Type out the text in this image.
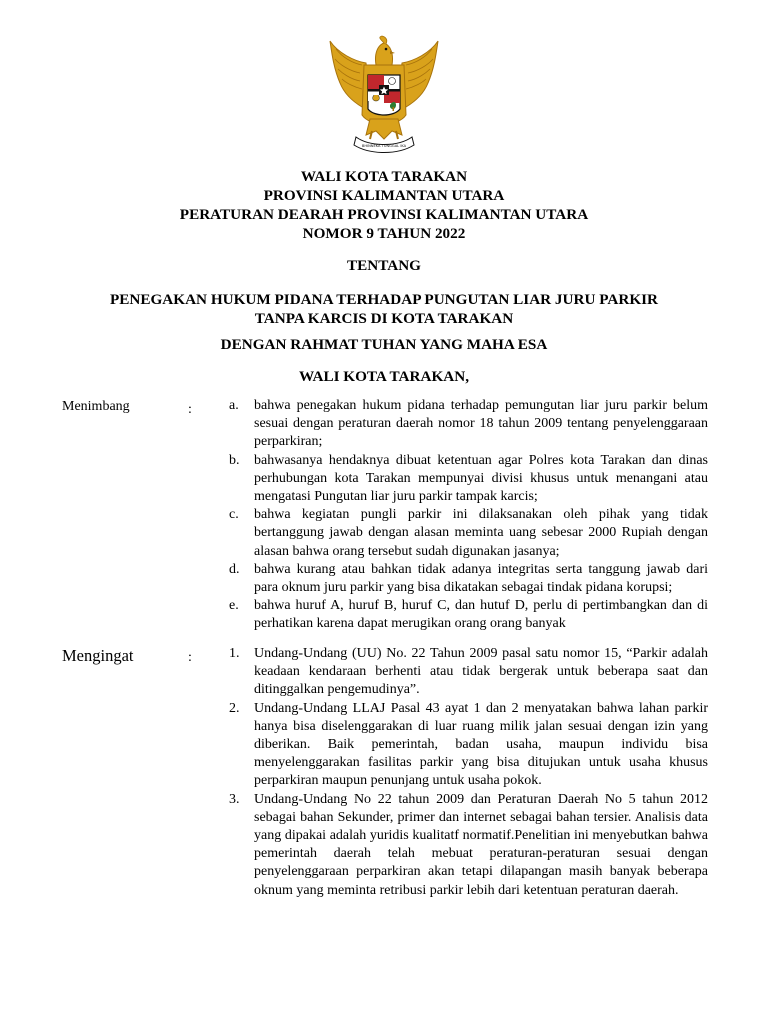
BHINNEKA TUNGGAL IKA
WALI KOTA TARAKAN
PROVINSI KALIMANTAN UTARA
PERATURAN DEARAH PROVINSI KALIMANTAN UTARA
NOMOR 9 TAHUN 2022
TENTANG
PENEGAKAN HUKUM PIDANA TERHADAP PUNGUTAN LIAR JURU PARKIR
TANPA KARCIS DI KOTA TARAKAN
DENGAN RAHMAT TUHAN YANG MAHA ESA
WALI KOTA TARAKAN,
Menimbang	:	a. bahwa penegakan hukum pidana terhadap pemungutan liar juru parkir belum sesuai dengan peraturan daerah nomor 18 tahun 2009 tentang penyelenggaraan perparkiran;
b. bahwasanya hendaknya dibuat ketentuan agar Polres kota Tarakan dan dinas perhubungan kota Tarakan mempunyai divisi khusus untuk menangani atau mengatasi Pungutan liar juru parkir tampak karcis;
c. bahwa kegiatan pungli parkir ini dilaksanakan oleh pihak yang tidak bertanggung jawab dengan alasan meminta uang sebesar 2000 Rupiah dengan alasan bahwa orang tersebut sudah digunakan jasanya;
d. bahwa kurang atau bahkan tidak adanya integritas serta tanggung jawab dari para oknum juru parkir yang bisa dikatakan sebagai tindak pidana korupsi;
e. bahwa huruf A, huruf B, huruf C, dan hutuf D, perlu di pertimbangkan dan di perhatikan karena dapat merugikan orang orang banyak
Mengingat	:	1. Undang-Undang (UU) No. 22 Tahun 2009 pasal satu nomor 15, “Parkir adalah keadaan kendaraan berhenti atau tidak bergerak untuk beberapa saat dan ditinggalkan pengemudinya”.
2. Undang-Undang LLAJ Pasal 43 ayat 1 dan 2 menyatakan bahwa lahan parkir hanya bisa diselenggarakan di luar ruang milik jalan sesuai dengan izin yang diberikan. Baik pemerintah, badan usaha, maupun individu bisa menyelenggarakan fasilitas parkir yang bisa ditujukan untuk usaha khusus perparkiran maupun penunjang untuk usaha pokok.
3. Undang-Undang No 22 tahun 2009 dan Peraturan Daerah No 5 tahun 2012 sebagai bahan Sekunder, primer dan internet sebagai bahan tersier. Analisis data yang dipakai adalah yuridis kualitatf normatif.Penelitian ini menyebutkan bahwa pemerintah daerah telah mebuat peraturan-peraturan sesuai dengan penyelenggaraan perparkiran akan tetapi dilapangan masih banyak beberapa oknum yang meminta retribusi parkir lebih dari ketentuan peraturan daerah.
